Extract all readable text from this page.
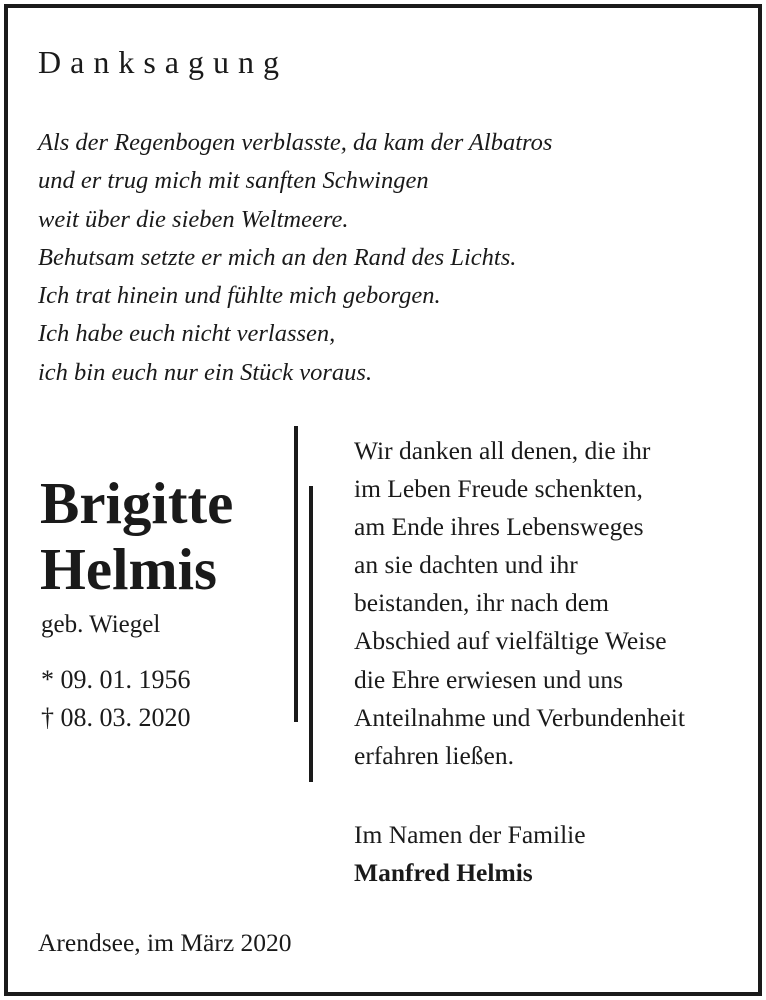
Danksagung
Als der Regenbogen verblasste, da kam der Albatros
und er trug mich mit sanften Schwingen
weit über die sieben Weltmeere.
Behutsam setzte er mich an den Rand des Lichts.
Ich trat hinein und fühlte mich geborgen.
Ich habe euch nicht verlassen,
ich bin euch nur ein Stück voraus.
Brigitte
Helmis
geb. Wiegel
* 09. 01. 1956
† 08. 03. 2020
Wir danken all denen, die ihr
im Leben Freude schenkten,
am Ende ihres Lebensweges
an sie dachten und ihr
beistanden, ihr nach dem
Abschied auf vielfältige Weise
die Ehre erwiesen und uns
Anteilnahme und Verbundenheit
erfahren ließen.
Im Namen der Familie
Manfred Helmis
Arendsee, im März 2020
